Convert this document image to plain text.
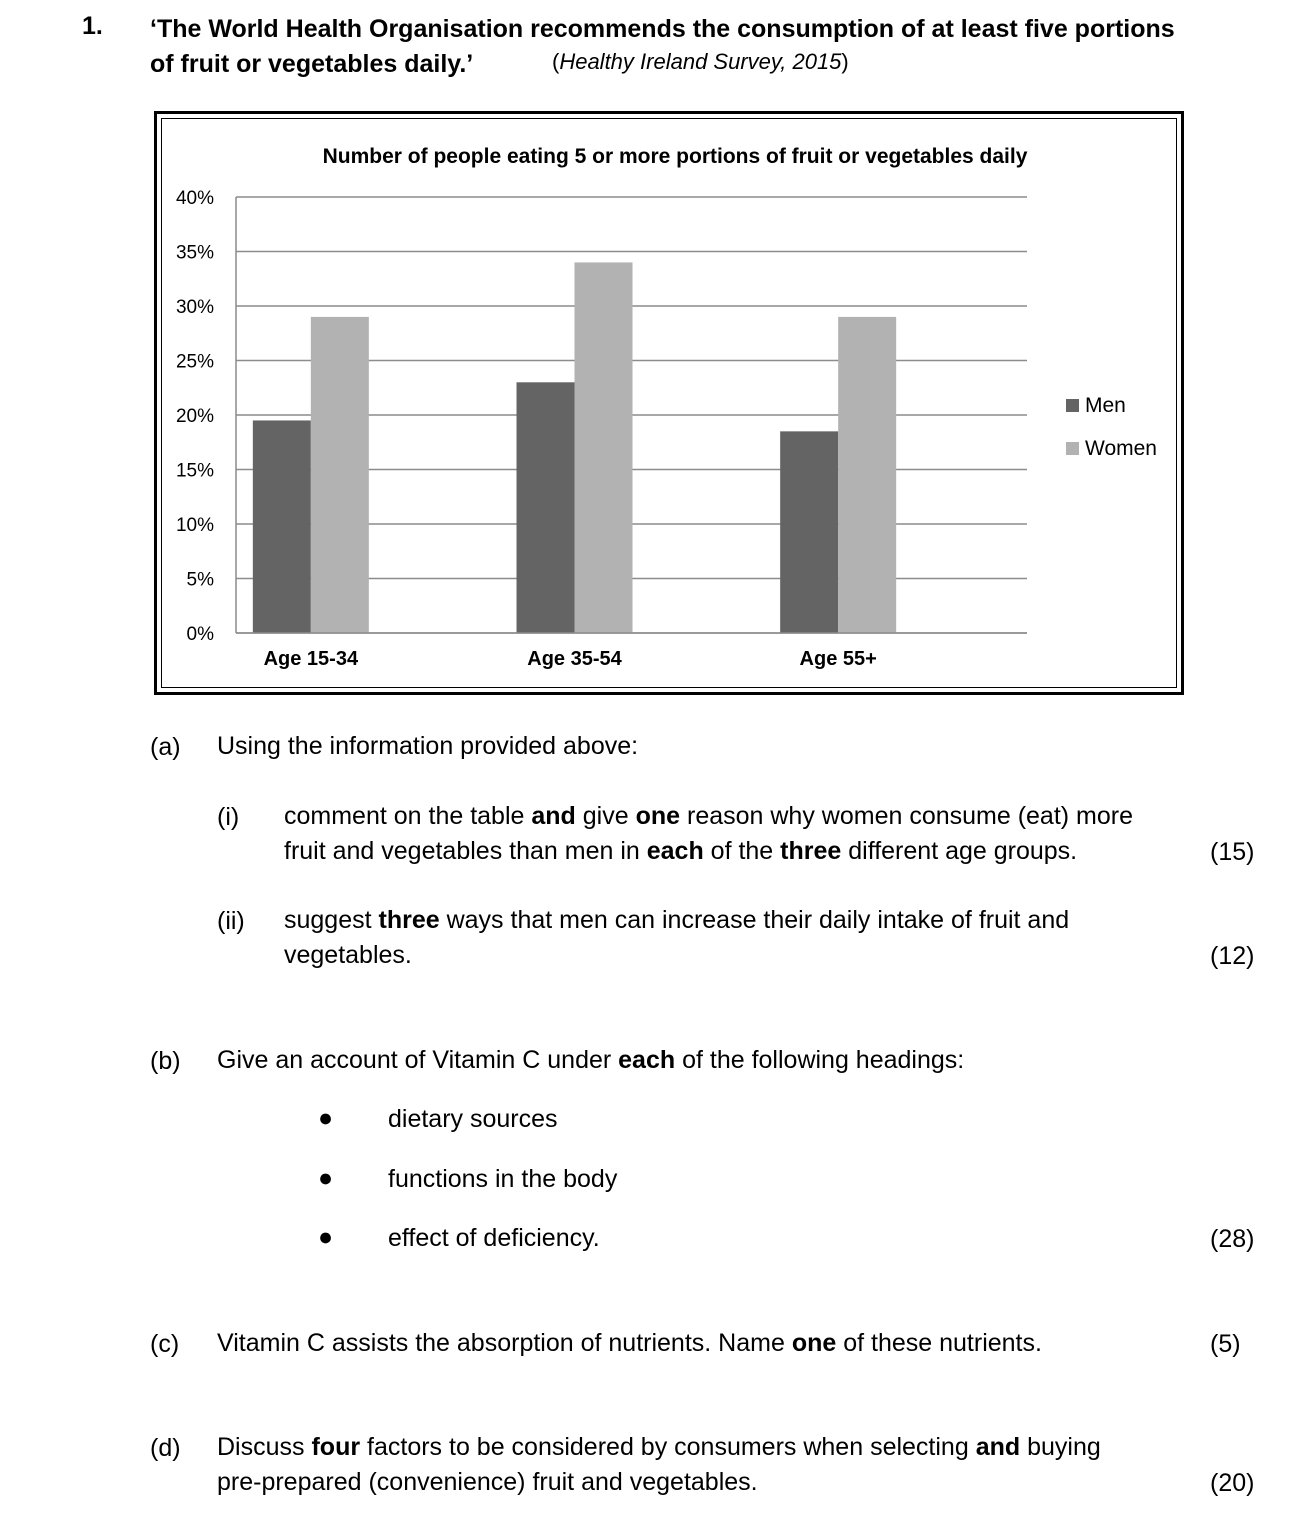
1. ‘The World Health Organisation recommends the consumption of at least five portions
of fruit or vegetables daily.’	(Healthy Ireland Survey, 2015)
Number of people eating 5 or more portions of fruit or vegetables daily
0%
5%
10%
15%
20%
25%
30%
35%
40%
Age 15-34	Age 35-54	Age 55+
Men
Women
(a) Using the information provided above:
(i) comment on the table and give one reason why women consume (eat) more
fruit and vegetables than men in each of the three different age groups.	(15)
(ii) suggest three ways that men can increase their daily intake of fruit and
vegetables.	(12)
(b) Give an account of Vitamin C under each of the following headings:
● dietary sources
● functions in the body
● effect of deficiency.	(28)
(c) Vitamin C assists the absorption of nutrients. Name one of these nutrients.	(5)
(d) Discuss four factors to be considered by consumers when selecting and buying
pre-prepared (convenience) fruit and vegetables.	(20)
